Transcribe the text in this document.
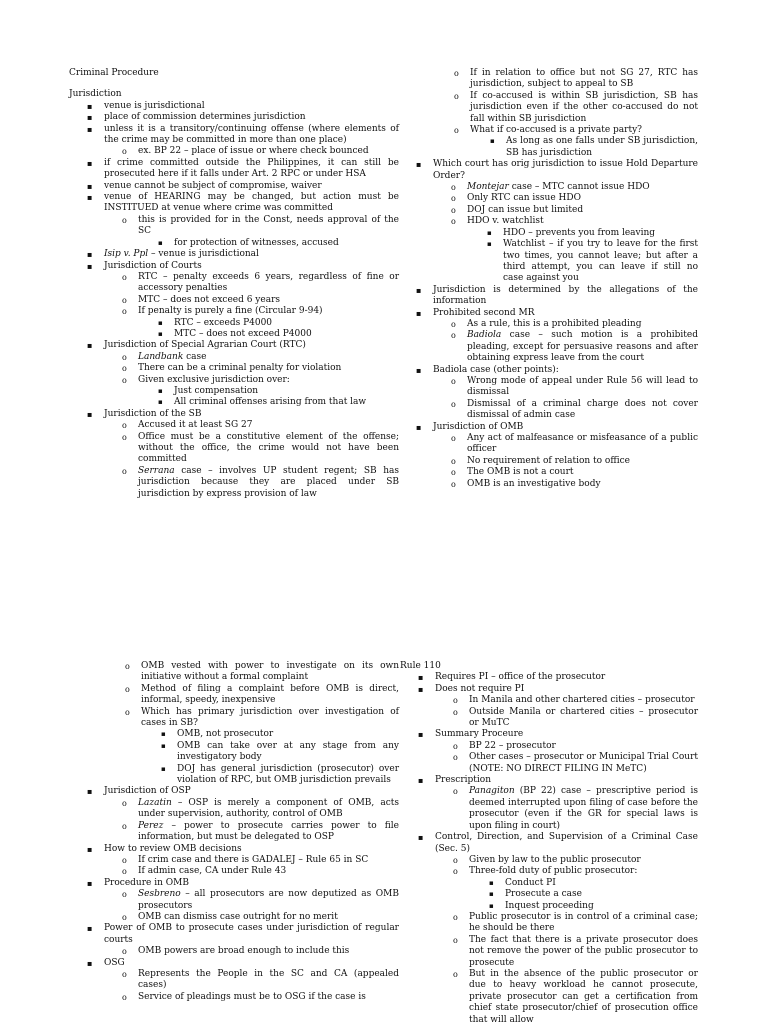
Criminal Procedure

Jurisdiction

▪ venue is jurisdictional
▪ place of commission determines jurisdiction
▪ unless it is a transitory/continuing offense (where elements of the crime may be committed in more than one place)
o ex. BP 22 – place of issue or where check bounced
▪ if crime committed outside the Philippines, it can still be prosecuted here if it falls under Art. 2 RPC or under HSA
▪ venue cannot be subject of compromise, waiver
▪ venue of HEARING may be changed, but action must be INSTITUED at venue where crime was committed
o this is provided for in the Const, needs approval of the SC
▪ for protection of witnesses, accused
▪ Isip v. Ppl – venue is jurisdictional
▪ Jurisdiction of Courts
o RTC – penalty exceeds 6 years, regardless of fine or accessory penalties
o MTC – does not exceed 6 years
o If penalty is purely a fine (Circular 9-94)
▪ RTC – exceeds P4000
▪ MTC – does not exceed P4000
▪ Jurisdiction of Special Agrarian Court (RTC)
o Landbank case
o There can be a criminal penalty for violation
o Given exclusive jurisdiction over:
▪ Just compensation
▪ All criminal offenses arising from that law
▪ Jurisdiction of the SB
o Accused it at least SG 27
o Office must be a constitutive element of the offense; without the office, the crime would not have been committed
o Serrana case – involves UP student regent; SB has jurisdiction because they are placed under SB jurisdiction by express provision of law
o If in relation to office but not SG 27, RTC has jurisdiction, subject to appeal to SB
o If co-accused is within SB jurisdiction, SB has jurisdiction even if the other co-accused do not fall within SB jurisdiction
o What if co-accused is a private party?
▪ As long as one falls under SB jurisdiction, SB has jurisdiction
▪ Which court has orig jurisdiction to issue Hold Departure Order?
o Montejar case – MTC cannot issue HDO
o Only RTC can issue HDO
o DOJ can issue but limited
o HDO v. watchlist
▪ HDO – prevents you from leaving
▪ Watchlist – if you try to leave for the first two times, you cannot leave; but after a third attempt, you can leave if still no case against you
▪ Jurisdiction is determined by the allegations of the information
▪ Prohibited second MR
o As a rule, this is a prohibited pleading
o Badiola case – such motion is a prohibited pleading, except for persuasive reasons and after obtaining express leave from the court
▪ Badiola case (other points):
o Wrong mode of appeal under Rule 56 will lead to dismissal
o Dismissal of a criminal charge does not cover dismissal of admin case
▪ Jurisdiction of OMB
o Any act of malfeasance or misfeasance of a public officer
o No requirement of relation to office
o The OMB is not a court
o OMB is an investigative body
o OMB vested with power to investigate on its own initiative without a formal complaint
o Method of filing a complaint before OMB is direct, informal, speedy, inexpensive
o Which has primary jurisdiction over investigation of cases in SB?
▪ OMB, not prosecutor
▪ OMB can take over at any stage from any investigatory body
▪ DOJ has general jurisdiction (prosecutor) over violation of RPC, but OMB jurisdiction prevails
▪ Jurisdiction of OSP
o Lazatin – OSP is merely a component of OMB, acts under supervision, authority, control of OMB
o Perez – power to prosecute carries power to file information, but must be delegated to OSP
▪ How to review OMB decisions
o If crim case and there is GADALEJ – Rule 65 in SC
o If admin case, CA under Rule 43
▪ Procedure in OMB
o Sesbreno – all prosecutors are now deputized as OMB prosecutors
o OMB can dismiss case outright for no merit
▪ Power of OMB to prosecute cases under jurisdiction of regular courts
o OMB powers are broad enough to include this
▪ OSG
o Represents the People in the SC and CA (appealed cases)
o Service of pleadings must be to OSG if the case is

Rule 110

▪ Requires PI – office of the prosecutor
▪ Does not require PI
o In Manila and other chartered cities – prosecutor
o Outside Manila or chartered cities – prosecutor or MuTC
▪ Summary Proceure
o BP 22 – prosecutor
o Other cases – prosecutor or Municipal Trial Court (NOTE: NO DIRECT FILING IN MeTC)
▪ Prescription
o Panagiton (BP 22) case – prescriptive period is deemed interrupted upon filing of case before the prosecutor (even if the GR for special laws is upon filing in court)
▪ Control, Direction, and Supervision of a Criminal Case (Sec. 5)
o Given by law to the public prosecutor
o Three-fold duty of public prosecutor:
▪ Conduct PI
▪ Prosecute a case
▪ Inquest proceeding
o Public prosecutor is in control of a criminal case; he should be there
o The fact that there is a private prosecutor does not remove the power of the public prosecutor to prosecute
o But in the absence of the public prosecutor or due to heavy workload he cannot prosecute, private prosecutor can get a certification from chief state prosecutor/chief of prosecution office that will allow
